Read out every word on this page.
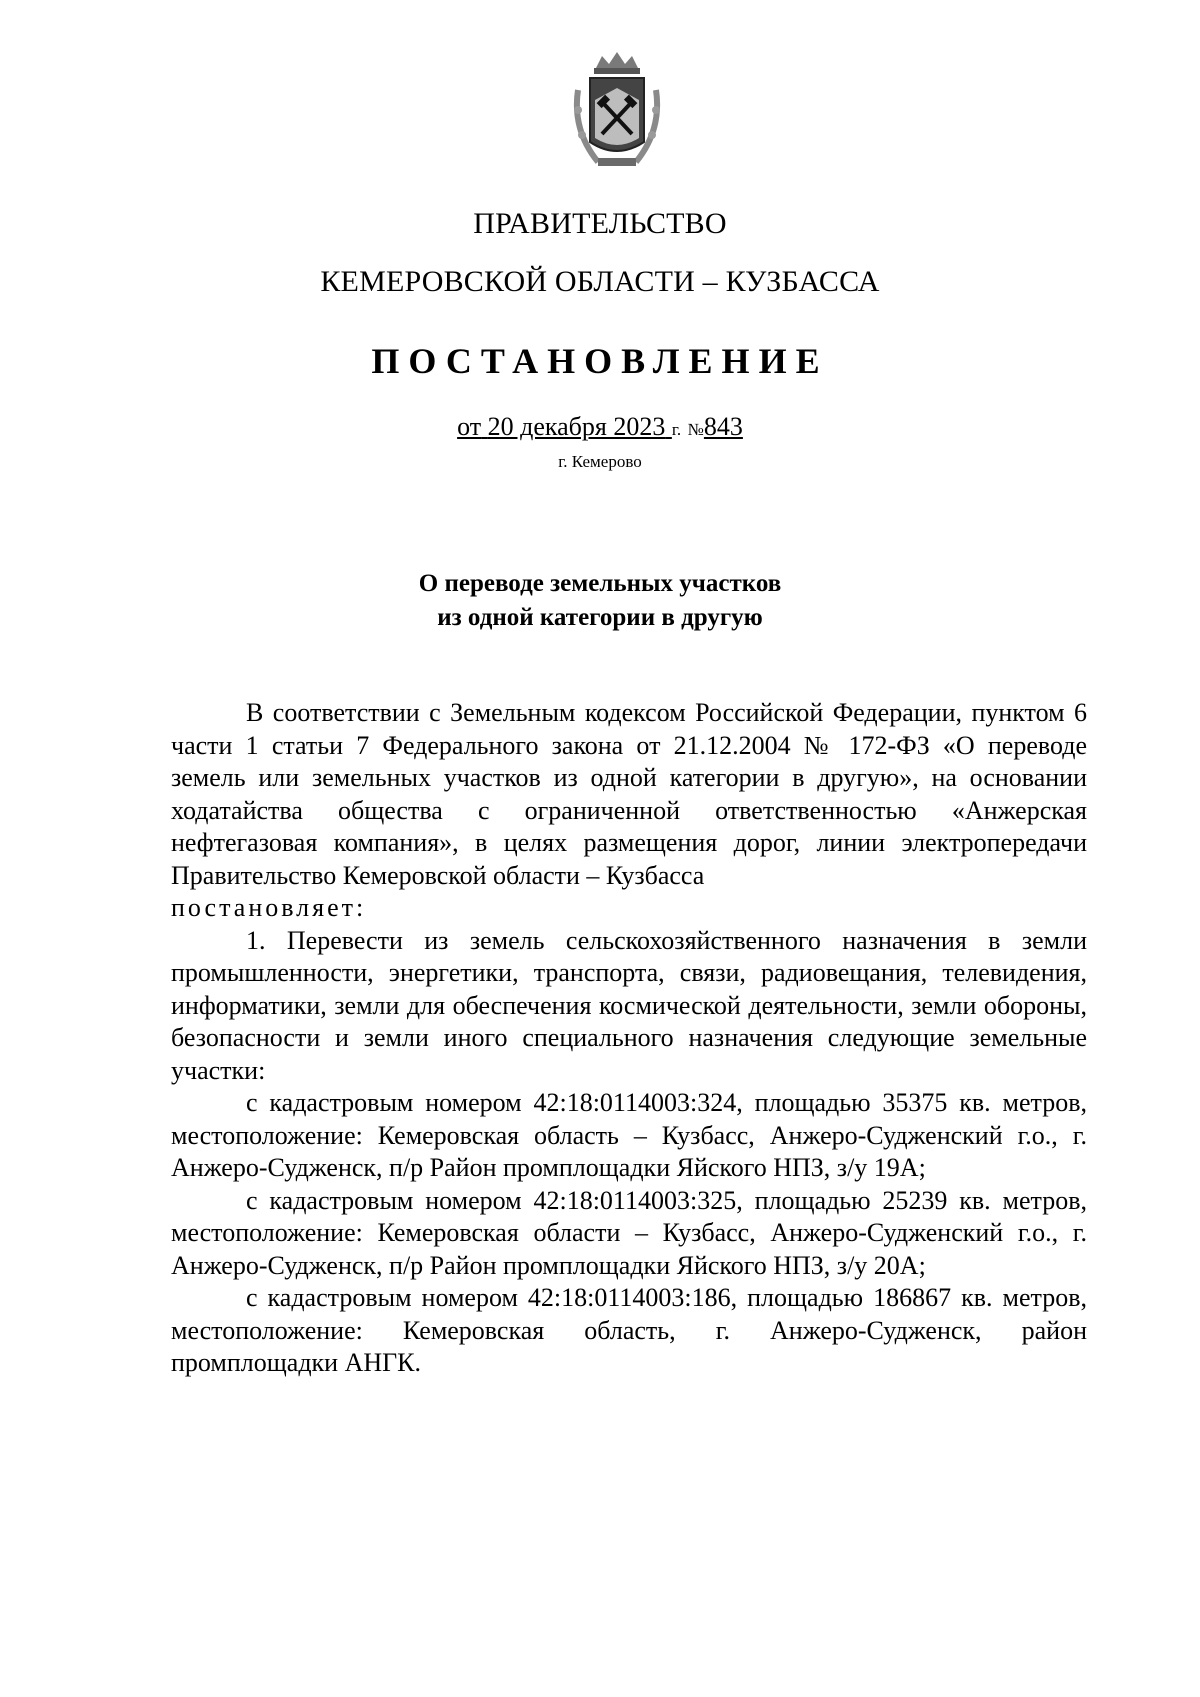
ПРАВИТЕЛЬСТВО
КЕМЕРОВСКОЙ ОБЛАСТИ – КУЗБАССА
ПОСТАНОВЛЕНИЕ
от 20 декабря 2023 г. №843
г. Кемерово
О переводе земельных участков
из одной категории в другую

В соответствии с Земельным кодексом Российской Федерации, пунктом 6 части 1 статьи 7 Федерального закона от 21.12.2004 № 172-ФЗ «О переводе земель или земельных участков из одной категории в другую», на основании ходатайства общества с ограниченной ответственностью «Анжерская нефтегазовая компания», в целях размещения дорог, линии электропередачи Правительство Кемеровской области – Кузбасса
постановляет:

1. Перевести из земель сельскохозяйственного назначения в земли промышленности, энергетики, транспорта, связи, радиовещания, телевидения, информатики, земли для обеспечения космической деятельности, земли обороны, безопасности и земли иного специального назначения следующие земельные участки:

с кадастровым номером 42:18:0114003:324, площадью 35375 кв. метров, местоположение: Кемеровская область – Кузбасс, Анжеро-Судженский г.о., г. Анжеро-Судженск, п/р Район промплощадки Яйского НПЗ, з/у 19А;

с кадастровым номером 42:18:0114003:325, площадью 25239 кв. метров, местоположение: Кемеровская области – Кузбасс, Анжеро-Судженский г.о., г. Анжеро-Судженск, п/р Район промплощадки Яйского НПЗ, з/у 20А;

с кадастровым номером 42:18:0114003:186, площадью 186867 кв. метров, местоположение: Кемеровская область, г. Анжеро-Судженск, район промплощадки АНГК.
